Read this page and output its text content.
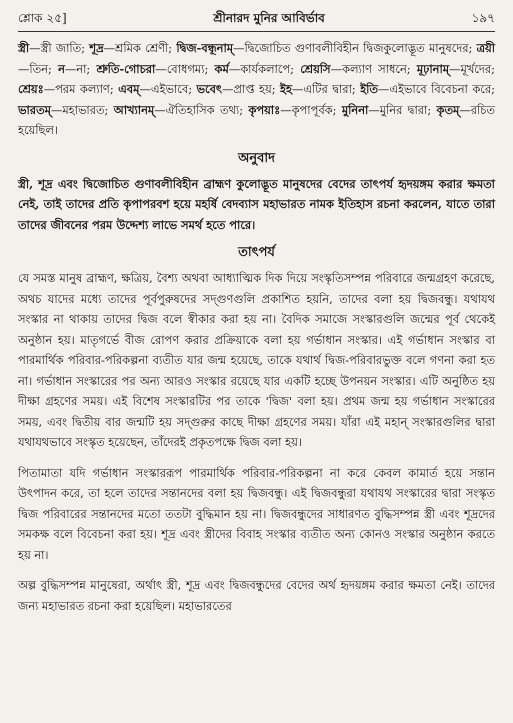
শ্লোক ২৫]	শ্রীনারদ মুনির আবির্ভাব	১৯৭

স্ত্রী—স্ত্রী জাতি; শূদ্র—শ্রমিক শ্রেণী; দ্বিজ-বন্ধূনাম্—দ্বিজোচিত গুণাবলীবিহীন দ্বিজকুলোদ্ভূত মানুষদের; ত্রয়ী—তিন; ন—না; শ্রুতি-গোচরা—বোধগম্য; কর্ম—কার্যকলাপে; শ্রেয়সি—কল্যাণ সাধনে; মূঢ়ানাম্—মূর্খদের; শ্রেয়ঃ—পরম কল্যাণ; এবম্—এইভাবে; ভবেৎ—প্রাপ্ত হয়; ইহ—এটির দ্বারা; ইতি—এইভাবে বিবেচনা করে; ভারতম্—মহাভারত; আখ্যানম্—ঐতিহাসিক তথ্য; কৃপয়াঃ—কৃপাপূর্বক; মুনিনা—মুনির দ্বারা; কৃতম্—রচিত হয়েছিল।

অনুবাদ

স্ত্রী, শূদ্র এবং দ্বিজোচিত গুণাবলীবিহীন ব্রাহ্মণ কুলোদ্ভূত মানুষদের বেদের তাৎপর্য হৃদয়ঙ্গম করার ক্ষমতা নেই, তাই তাদের প্রতি কৃপাপরবশ হয়ে মহর্ষি বেদব্যাস মহাভারত নামক ইতিহাস রচনা করলেন, যাতে তারা তাদের জীবনের পরম উদ্দেশ্য লাভে সমর্থ হতে পারে।

তাৎপর্য

যে সমস্ত মানুষ ব্রাহ্মণ, ক্ষত্রিয়, বৈশ্য অথবা আধ্যাত্মিক দিক দিয়ে সংস্কৃতিসম্পন্ন পরিবারে জন্মগ্রহণ করেছে, অথচ যাদের মধ্যে তাদের পূর্বপুরুষদের সদ্‌গুণগুলি প্রকাশিত হয়নি, তাদের বলা হয় দ্বিজবন্ধু। যথাযথ সংস্কার না থাকায় তাদের দ্বিজ বলে স্বীকার করা হয় না। বৈদিক সমাজে সংস্কারগুলি জন্মের পূর্ব থেকেই অনুষ্ঠান হয়। মাতৃগর্ভে বীজ রোপণ করার প্রক্রিয়াকে বলা হয় গর্ভাধান সংস্কার। এই গর্ভাধান সংস্কার বা পারমার্থিক পরিবার-পরিকল্পনা ব্যতীত যার জন্ম হয়েছে, তাকে যথার্থ দ্বিজ-পরিবারভুক্ত বলে গণনা করা হত না। গর্ভাধান সংস্কারের পর অন্য আরও সংস্কার রয়েছে যার একটি হচ্ছে উপনয়ন সংস্কার। এটি অনুষ্ঠিত হয় দীক্ষা গ্রহণের সময়। এই বিশেষ সংস্কারটির পর তাকে 'দ্বিজ' বলা হয়। প্রথম জন্ম হয় গর্ভাধান সংস্কারের সময়, এবং দ্বিতীয় বার জন্মটি হয় সদ্‌গুরুর কাছে দীক্ষা গ্রহণের সময়। যাঁরা এই মহান্ সংস্কারগুলির দ্বারা যথাযথভাবে সংস্কৃত হয়েছেন, তাঁদেরই প্রকৃতপক্ষে দ্বিজ বলা হয়।

পিতামাতা যদি গর্ভাধান সংস্কাররূপ পারমার্থিক পরিবার-পরিকল্পনা না করে কেবল কামার্ত হয়ে সন্তান উৎপাদন করে, তা হলে তাদের সন্তানদের বলা হয় দ্বিজবন্ধু। এই দ্বিজবন্ধুরা যথাযথ সংস্কারের দ্বারা সংস্কৃত দ্বিজ পরিবারের সন্তানদের মতো ততটা বুদ্ধিমান হয় না। দ্বিজবন্ধুদের সাধারণত বুদ্ধিসম্পন্ন স্ত্রী এবং শূদ্রদের সমকক্ষ বলে বিবেচনা করা হয়। শূদ্র এবং স্ত্রীদের বিবাহ সংস্কার ব্যতীত অন্য কোনও সংস্কার অনুষ্ঠান করতে হয় না।

অল্প বুদ্ধিসম্পন্ন মানুষেরা, অর্থাৎ স্ত্রী, শূদ্র এবং দ্বিজবন্ধুদের বেদের অর্থ হৃদয়ঙ্গম করার ক্ষমতা নেই। তাদের জন্য মহাভারত রচনা করা হয়েছিল। মহাভারতের
